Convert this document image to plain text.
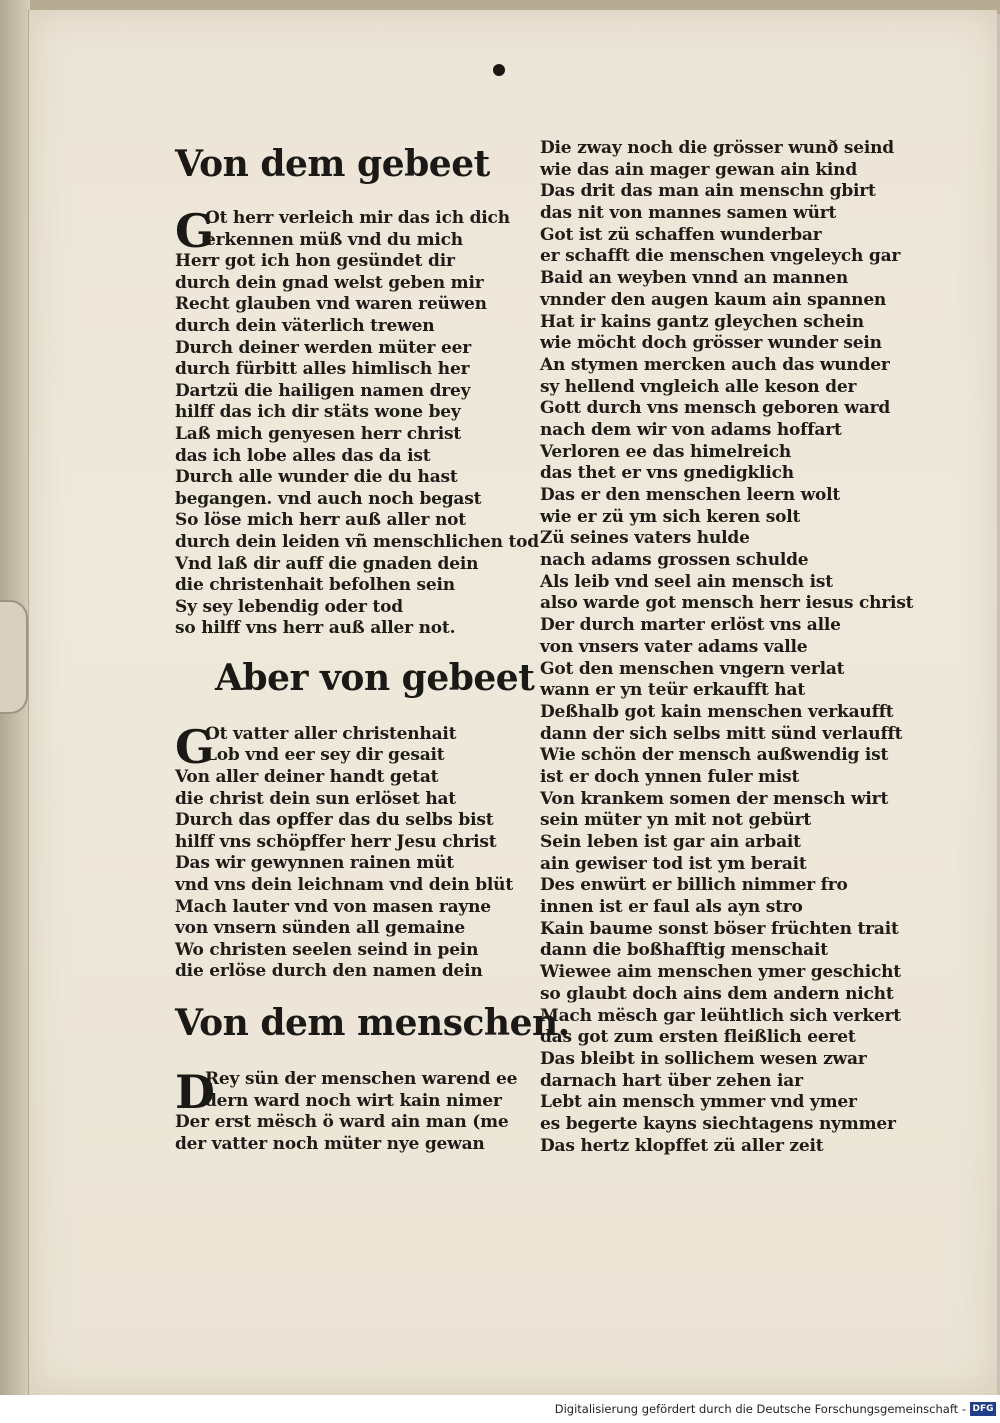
Von dem gebeet
G
Ot herr verleich mir das ich dich
erkennen müß vnd du mich
Herr got ich hon gesündet dir
durch dein gnad welst geben mir
Recht glauben vnd waren reüwen
durch dein väterlich trewen
Durch deiner werden müter eer
durch fürbitt alles himlisch her
Dartzü die hailigen namen drey
hilff das ich dir stäts wone bey
Laß mich genyesen herr christ
das ich lobe alles das da ist
Durch alle wunder die du hast
begangen. vnd auch noch begast
So löse mich herr auß aller not
durch dein leiden vñ menschlichen tod
Vnd laß dir auff die gnaden dein
die christenhait befolhen sein
Sy sey lebendig oder tod
so hilff vns herr auß aller not.
Aber von gebeet
G
Ot vatter aller christenhait
Lob vnd eer sey dir gesait
Von aller deiner handt getat
die christ dein sun erlöset hat
Durch das opffer das du selbs bist
hilff vns schöpffer herr Jesu christ
Das wir gewynnen rainen müt
vnd vns dein leichnam vnd dein blüt
Mach lauter vnd von masen rayne
von vnsern sünden all gemaine
Wo christen seelen seind in pein
die erlöse durch den namen dein
Von dem menschen.
D
Rey sün der menschen warend ee
dern ward noch wirt kain nimer
Der erst mësch ö ward ain man (me
der vatter noch müter nye gewan
Die zway noch die grösser wunð seind
wie das ain mager gewan ain kind
Das drit das man ain menschn gbirt
das nit von mannes samen würt
Got ist zü schaffen wunderbar
er schafft die menschen vngeleych gar
Baid an weyben vnnd an mannen
vnnder den augen kaum ain spannen
Hat ir kains gantz gleychen schein
wie möcht doch grösser wunder sein
An stymen mercken auch das wunder
sy hellend vngleich alle keson der
Gott durch vns mensch geboren ward
nach dem wir von adams hoffart
Verloren ee das himelreich
das thet er vns gnedigklich
Das er den menschen leern wolt
wie er zü ym sich keren solt
Zü seines vaters hulde
nach adams grossen schulde
Als leib vnd seel ain mensch ist
also warde got mensch herr iesus christ
Der durch marter erlöst vns alle
von vnsers vater adams valle
Got den menschen vngern verlat
wann er yn teür erkaufft hat
Deßhalb got kain menschen verkaufft
dann der sich selbs mitt sünd verlaufft
Wie schön der mensch außwendig ist
ist er doch ynnen fuler mist
Von krankem somen der mensch wirt
sein müter yn mit not gebürt
Sein leben ist gar ain arbait
ain gewiser tod ist ym berait
Des enwürt er billich nimmer fro
innen ist er faul als ayn stro
Kain baume sonst böser früchten trait
dann die boßhafftig menschait
Wiewee aim menschen ymer geschicht
so glaubt doch ains dem andern nicht
Mach mësch gar leühtlich sich verkert
das got zum ersten fleißlich eeret
Das bleibt in sollichem wesen zwar
darnach hart über zehen iar
Lebt ain mensch ymmer vnd ymer
es begerte kayns siechtagens nymmer
Das hertz klopffet zü aller zeit
Digitalisierung gefördert durch die Deutsche Forschungsgemeinschaft - DFG
